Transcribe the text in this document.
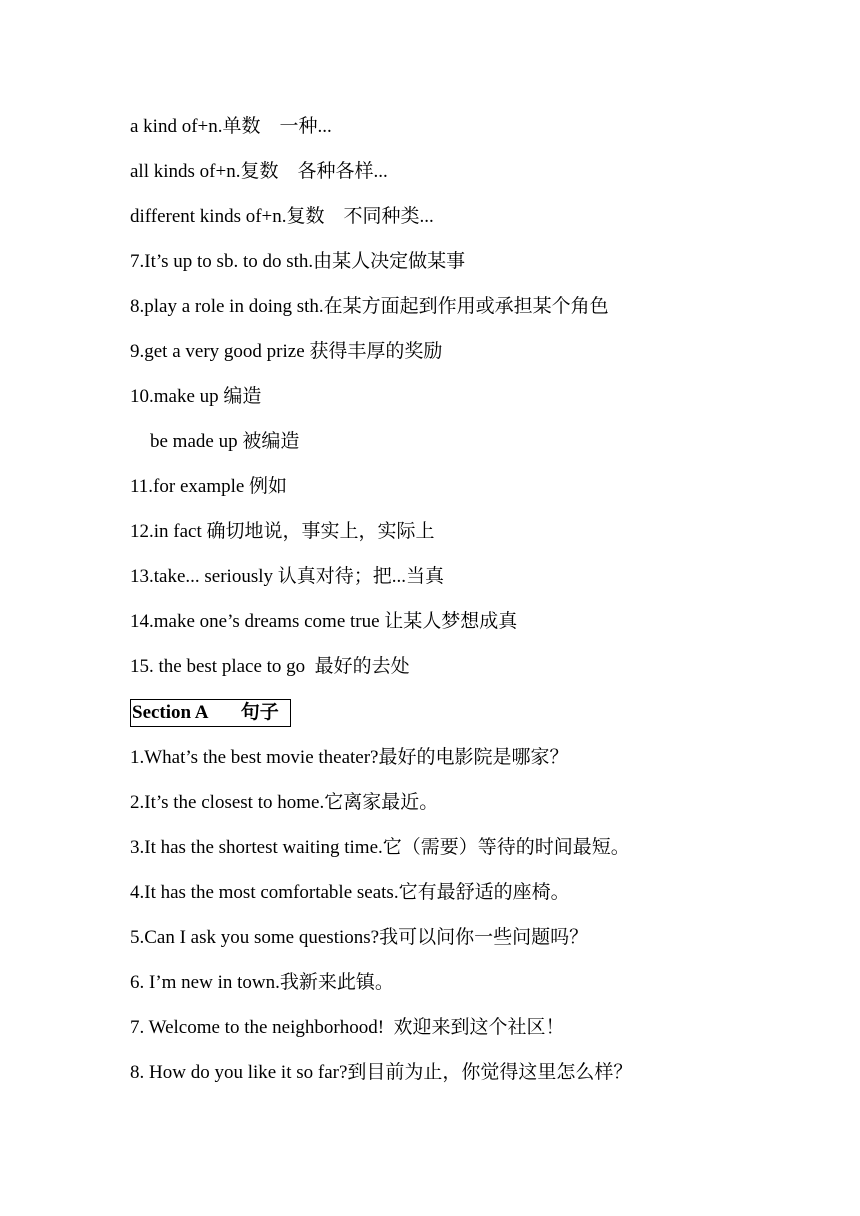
a kind of+n.单数    一种...
all kinds of+n.复数    各种各样...
different kinds of+n.复数    不同种类...
7.It’s up to sb. to do sth.由某人决定做某事
8.play a role in doing sth.在某方面起到作用或承担某个角色
9.get a very good prize 获得丰厚的奖励
10.make up 编造
be made up 被编造
11.for example 例如
12.in fact 确切地说，事实上，实际上
13.take... seriously 认真对待；把...当真
14.make one’s dreams come true 让某人梦想成真
15. the best place to go  最好的去处
Section A       句子
1.What’s the best movie theater?最好的电影院是哪家？
2.It’s the closest to home.它离家最近。
3.It has the shortest waiting time.它（需要）等待的时间最短。
4.It has the most comfortable seats.它有最舒适的座椅。
5.Can I ask you some questions?我可以问你一些问题吗？
6. I’m new in town.我新来此镇。
7. Welcome to the neighborhood!  欢迎来到这个社区！
8. How do you like it so far?到目前为止，你觉得这里怎么样？
